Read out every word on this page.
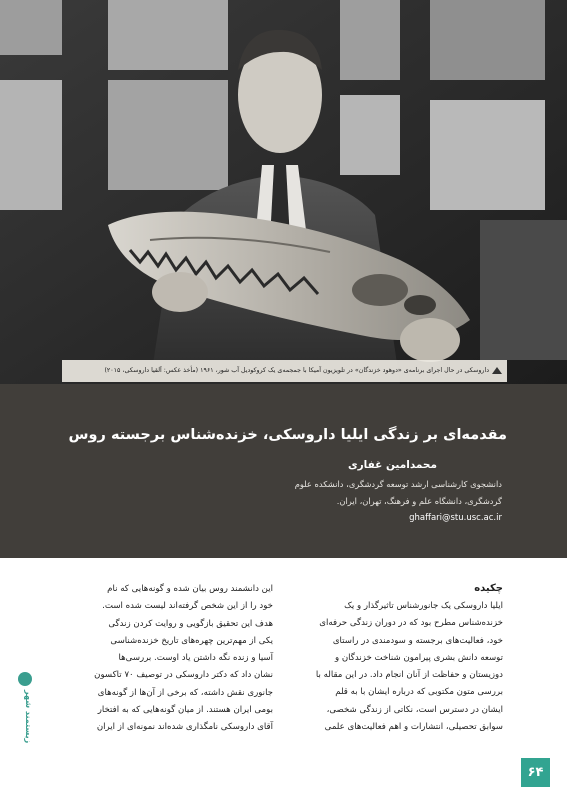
داروسکی در حال اجرای برنامه‌ی «دوهود خزندگان» در تلویزیون آمیکا با جمجمه‌ی یک کروکودیل آب شور، ۱۹۶۱ (مأخذ عکس: آلقیا داروسکی، ۲۰۱۵)
مقدمه‌ای بر زندگی ایلیا داروسکی، خزنده‌شناس برجسته روس
محمدامین غفاری
دانشجوی کارشناسی ارشد توسعه گردشگری، دانشکده علوم
گردشگری، دانشگاه علم و فرهنگ، تهران، ایران.
ghaffari@stu.usc.ac.ir
چکیده

ایلیا داروسکی یک جانورشناس تاثیرگذار و یک

خزنده‌شناس مطرح بود که در دوران زندگی حرفه‌ای

خود، فعالیت‌های برجسته و سودمندی در راستای

توسعه دانش بشری پیرامون شناخت خزندگان و

دوزیستان و حفاظت از آنان انجام داد. در این مقاله با

بررسی متون مکتوبی که درباره ایشان با به قلم

ایشان در دسترس است، نکاتی از زندگی شخصی،

سوابق تحصیلی، انتشارات و اهم فعالیت‌های علمی

این دانشمند روس بیان شده و گونه‌هایی که نام

خود را از این شخص گرفته‌اند لیست شده است.

هدف این تحقیق بازگویی و روایت کردن زندگی

یکی از مهم‌ترین چهره‌های تاریخ خزنده‌شناسی

آسیا و زنده نگه داشتن یاد اوست. بررسی‌ها

نشان داد که دکتر داروسکی در توصیف ۷۰ تاکسون

جانوری نقش داشته، که برخی از آن‌ها از گونه‌های

بومی ایران هستند. از میان گونه‌هایی که به افتخار

آقای داروسکی نامگذاری شده‌اند نمونه‌ای از ایران

زیستمند شهر
۶۴
